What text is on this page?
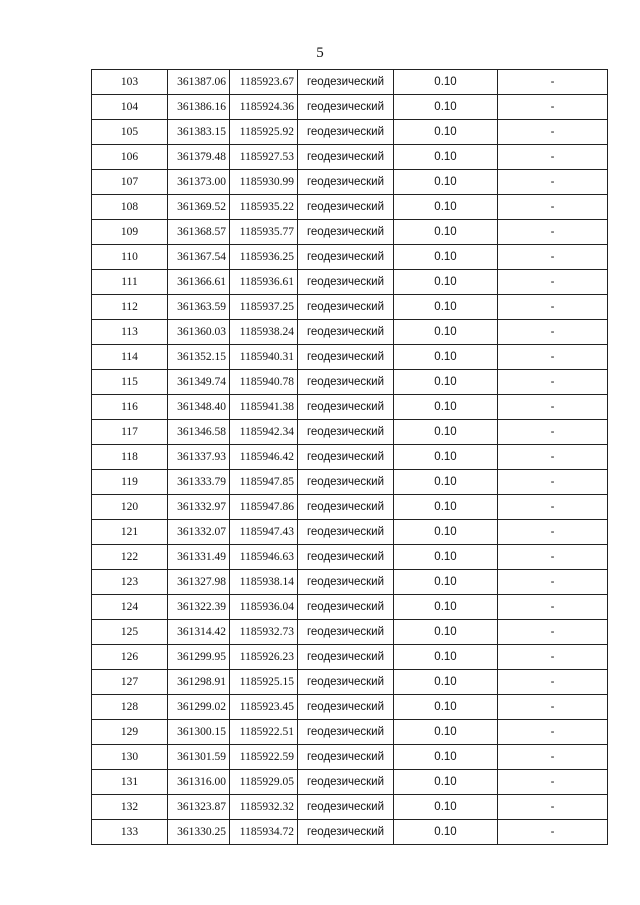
5
103	361387.06	1185923.67	геодезический	0.10	-
104	361386.16	1185924.36	геодезический	0.10	-
105	361383.15	1185925.92	геодезический	0.10	-
106	361379.48	1185927.53	геодезический	0.10	-
107	361373.00	1185930.99	геодезический	0.10	-
108	361369.52	1185935.22	геодезический	0.10	-
109	361368.57	1185935.77	геодезический	0.10	-
110	361367.54	1185936.25	геодезический	0.10	-
111	361366.61	1185936.61	геодезический	0.10	-
112	361363.59	1185937.25	геодезический	0.10	-
113	361360.03	1185938.24	геодезический	0.10	-
114	361352.15	1185940.31	геодезический	0.10	-
115	361349.74	1185940.78	геодезический	0.10	-
116	361348.40	1185941.38	геодезический	0.10	-
117	361346.58	1185942.34	геодезический	0.10	-
118	361337.93	1185946.42	геодезический	0.10	-
119	361333.79	1185947.85	геодезический	0.10	-
120	361332.97	1185947.86	геодезический	0.10	-
121	361332.07	1185947.43	геодезический	0.10	-
122	361331.49	1185946.63	геодезический	0.10	-
123	361327.98	1185938.14	геодезический	0.10	-
124	361322.39	1185936.04	геодезический	0.10	-
125	361314.42	1185932.73	геодезический	0.10	-
126	361299.95	1185926.23	геодезический	0.10	-
127	361298.91	1185925.15	геодезический	0.10	-
128	361299.02	1185923.45	геодезический	0.10	-
129	361300.15	1185922.51	геодезический	0.10	-
130	361301.59	1185922.59	геодезический	0.10	-
131	361316.00	1185929.05	геодезический	0.10	-
132	361323.87	1185932.32	геодезический	0.10	-
133	361330.25	1185934.72	геодезический	0.10	-
